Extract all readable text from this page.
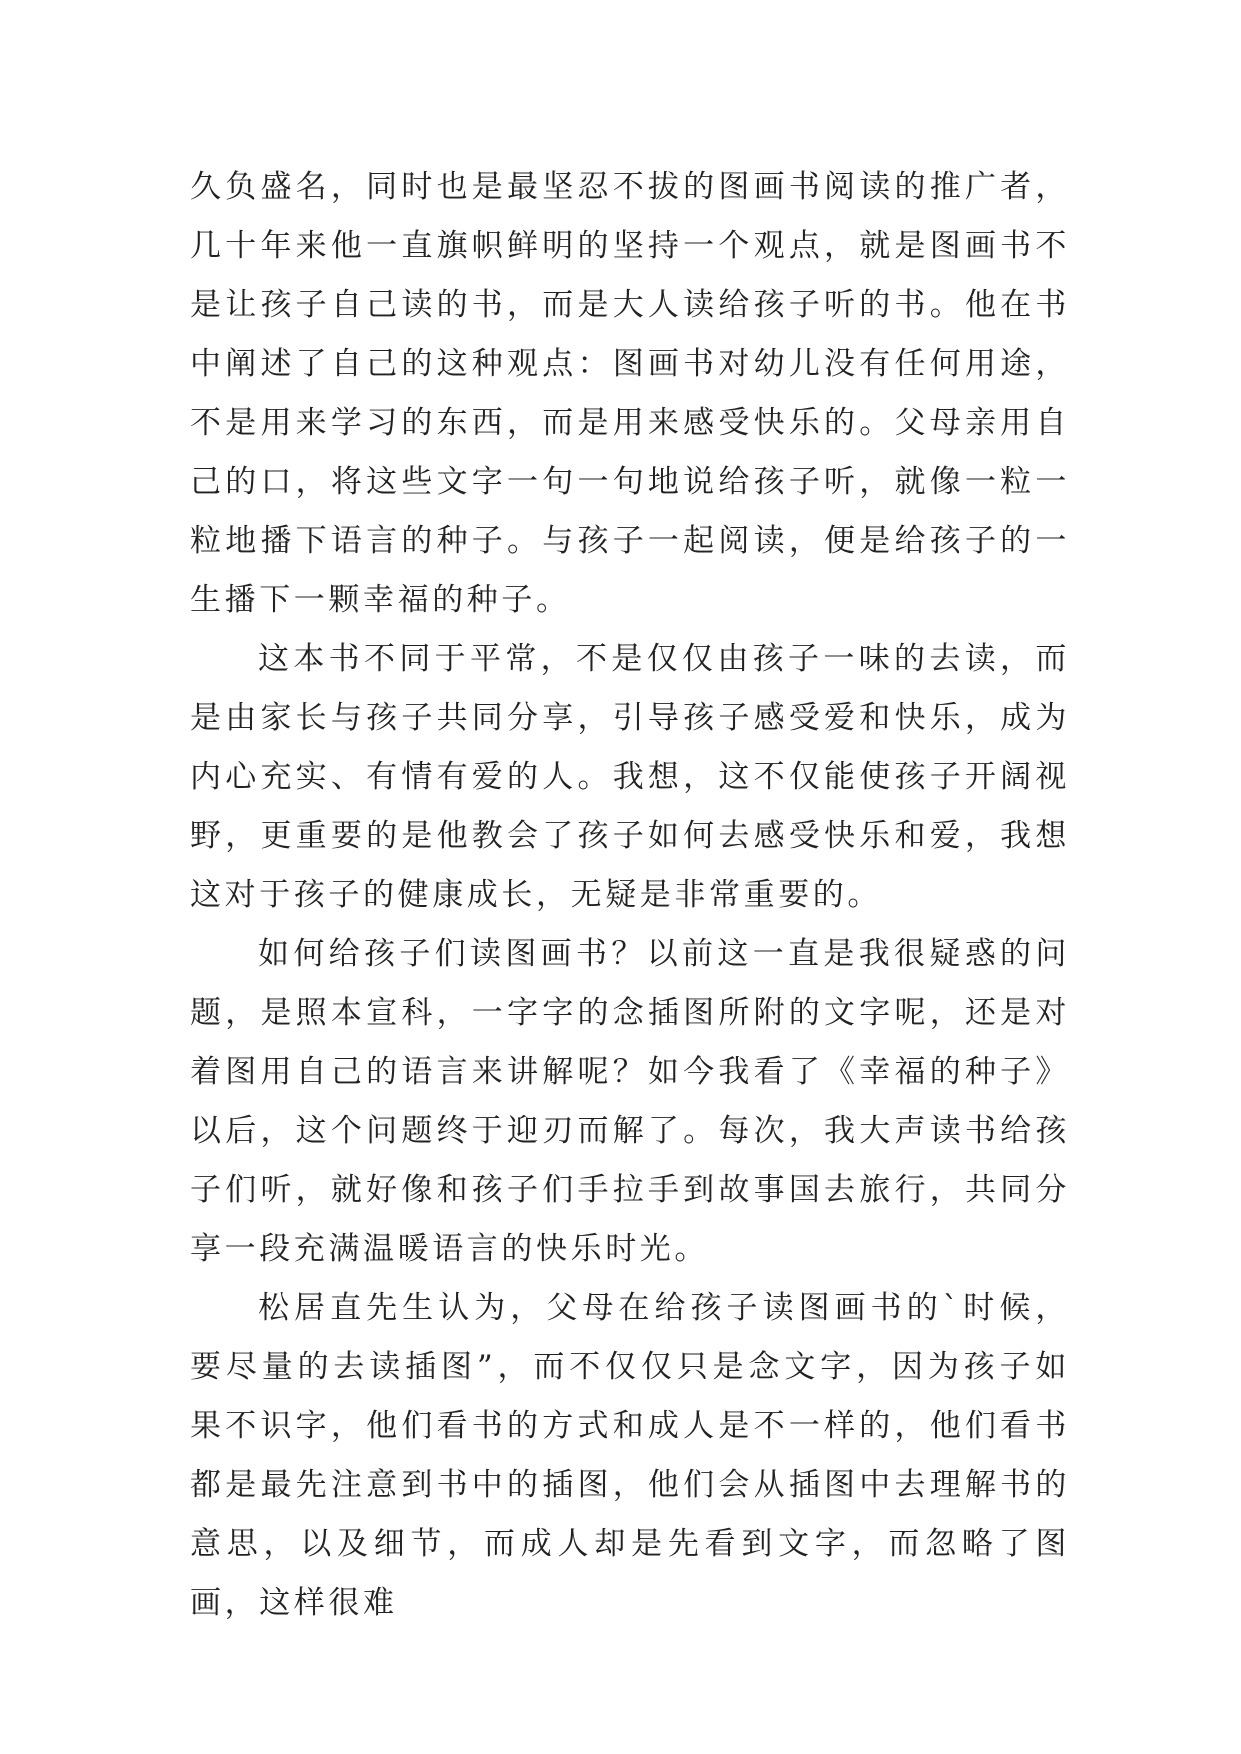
久负盛名，同时也是最坚忍不拔的图画书阅读的推广者，几十年来他一直旗帜鲜明的坚持一个观点，就是图画书不是让孩子自己读的书，而是大人读给孩子听的书。他在书中阐述了自己的这种观点：图画书对幼儿没有任何用途，不是用来学习的东西，而是用来感受快乐的。父母亲用自己的口，将这些文字一句一句地说给孩子听，就像一粒一粒地播下语言的种子。与孩子一起阅读，便是给孩子的一生播下一颗幸福的种子。

这本书不同于平常，不是仅仅由孩子一味的去读，而是由家长与孩子共同分享，引导孩子感受爱和快乐，成为内心充实、有情有爱的人。我想，这不仅能使孩子开阔视野，更重要的是他教会了孩子如何去感受快乐和爱，我想这对于孩子的健康成长，无疑是非常重要的。

如何给孩子们读图画书？以前这一直是我很疑惑的问题，是照本宣科，一字字的念插图所附的文字呢，还是对着图用自己的语言来讲解呢？如今我看了《幸福的种子》以后，这个问题终于迎刃而解了。每次，我大声读书给孩子们听，就好像和孩子们手拉手到故事国去旅行，共同分享一段充满温暖语言的快乐时光。

松居直先生认为，父母在给孩子读图画书的`时候，要尽量的去读插图”，而不仅仅只是念文字，因为孩子如果不识字，他们看书的方式和成人是不一样的，他们看书都是最先注意到书中的插图，他们会从插图中去理解书的意思，以及细节，而成人却是先看到文字，而忽略了图画，这样很难
